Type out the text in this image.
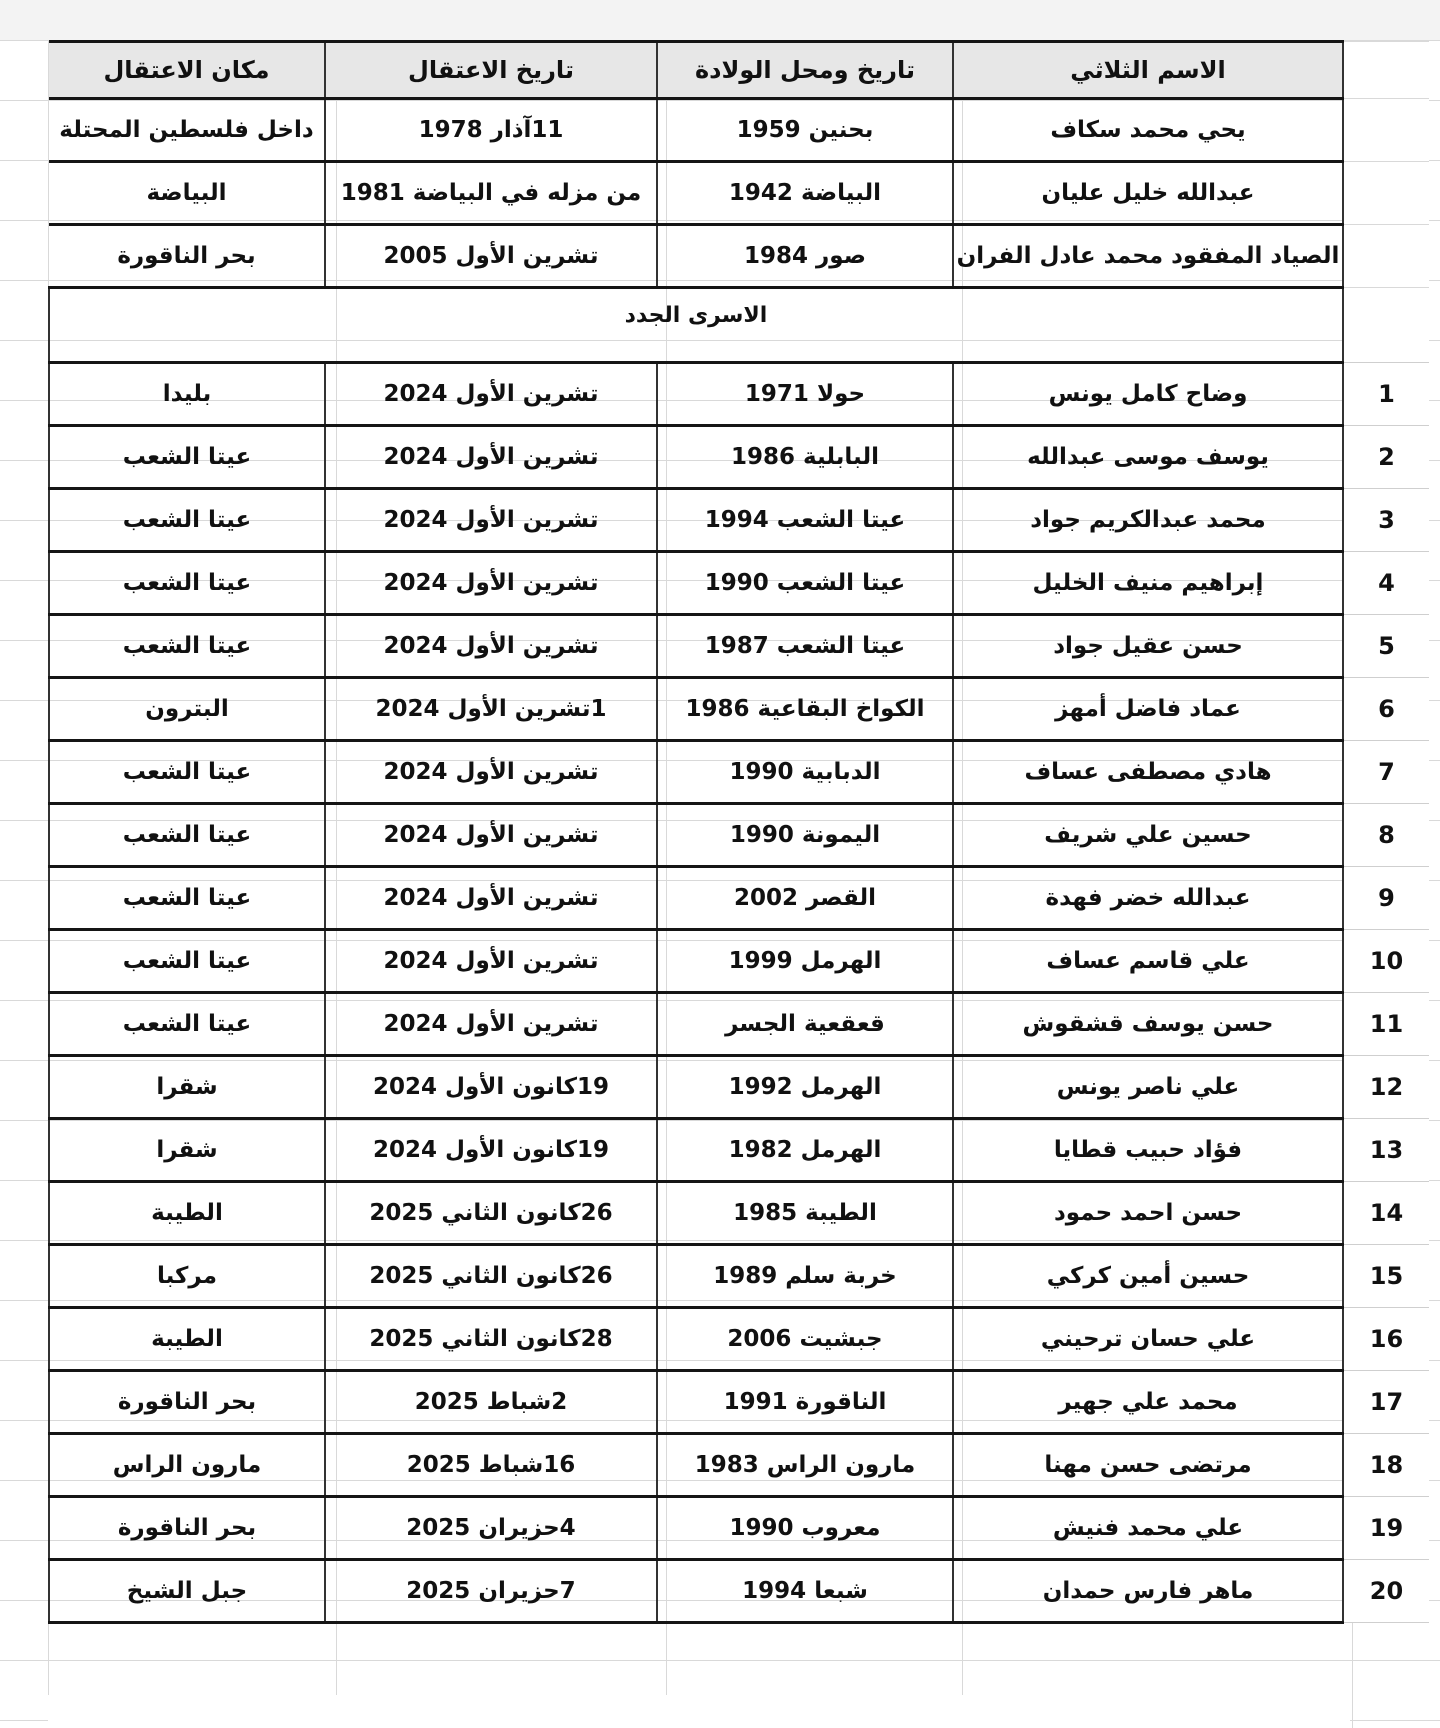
مكان الاعتقال	تاريخ الاعتقال	تاريخ ومحل الولادة	الاسم الثلاثي	
داخل فلسطين المحتلة	11آذار 1978	بحنين 1959	يحي محمد سكاف	
البياضة	من مزله في البياضة 1981	البياضة 1942	عبدالله خليل عليان	
بحر الناقورة	تشرين الأول 2005	صور 1984	الصياد المفقود محمد عادل الفران	
الاسرى الجدد				
بليدا	تشرين الأول 2024	حولا 1971	وضاح كامل يونس	1
عيتا الشعب	تشرين الأول 2024	البابلية 1986	يوسف موسى عبدالله	2
عيتا الشعب	تشرين الأول 2024	عيتا الشعب 1994	محمد عبدالكريم جواد	3
عيتا الشعب	تشرين الأول 2024	عيتا الشعب 1990	إبراهيم منيف الخليل	4
عيتا الشعب	تشرين الأول 2024	عيتا الشعب 1987	حسن عقيل جواد	5
البترون	1تشرين الأول 2024	الكواخ البقاعية 1986	عماد فاضل أمهز	6
عيتا الشعب	تشرين الأول 2024	الدبابية 1990	هادي مصطفى عساف	7
عيتا الشعب	تشرين الأول 2024	اليمونة 1990	حسين علي شريف	8
عيتا الشعب	تشرين الأول 2024	القصر 2002	عبدالله خضر فهدة	9
عيتا الشعب	تشرين الأول 2024	الهرمل 1999	علي قاسم عساف	10
عيتا الشعب	تشرين الأول 2024	قعقعية الجسر	حسن يوسف قشقوش	11
شقرا	19كانون الأول 2024	الهرمل 1992	علي ناصر يونس	12
شقرا	19كانون الأول 2024	الهرمل 1982	فؤاد حبيب قطايا	13
الطيبة	26كانون الثاني 2025	الطيبة 1985	حسن احمد حمود	14
مركبا	26كانون الثاني 2025	خربة سلم 1989	حسين أمين كركي	15
الطيبة	28كانون الثاني 2025	جبشيت 2006	علي حسان ترحيني	16
بحر الناقورة	2شباط 2025	الناقورة 1991	محمد علي جهير	17
مارون الراس	16شباط 2025	مارون الراس 1983	مرتضى حسن مهنا	18
بحر الناقورة	4حزيران 2025	معروب 1990	علي محمد فنيش	19
جبل الشيخ	7حزيران 2025	شبعا 1994	ماهر فارس حمدان	20
